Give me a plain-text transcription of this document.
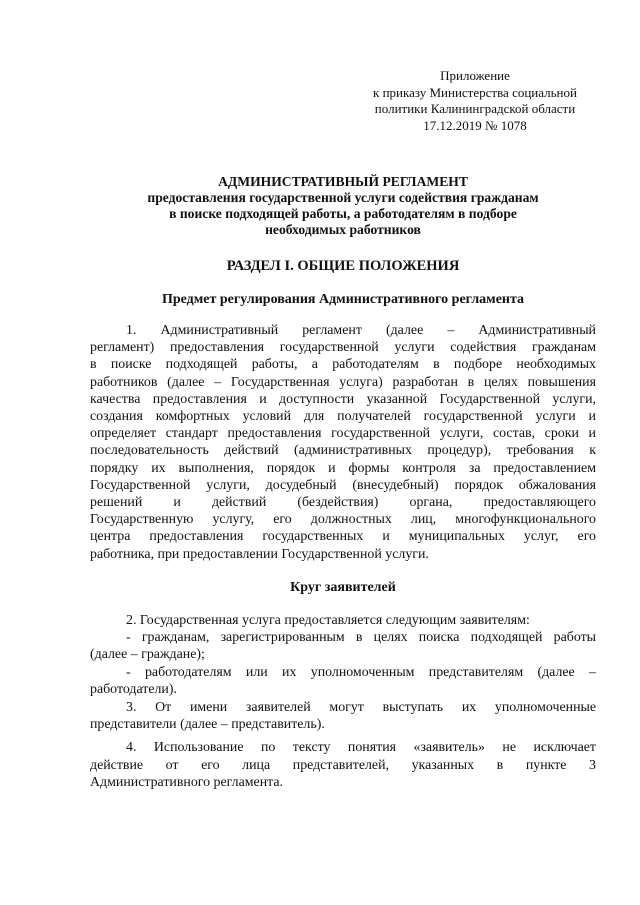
Приложение
к приказу Министерства социальной
политики Калининградской области
17.12.2019 № 1078
АДМИНИСТРАТИВНЫЙ РЕГЛАМЕНТ
предоставления государственной услуги содействия гражданам
в поиске подходящей работы, а работодателям в подборе
необходимых работников
РАЗДЕЛ I. ОБЩИЕ ПОЛОЖЕНИЯ
Предмет регулирования Административного регламента

1. Административный регламент (далее – Административный
регламент) предоставления государственной услуги содействия гражданам
в поиске подходящей работы, а работодателям в подборе необходимых
работников (далее – Государственная услуга) разработан в целях повышения
качества предоставления и доступности указанной Государственной услуги,
создания комфортных условий для получателей государственной услуги и
определяет стандарт предоставления государственной услуги, состав, сроки и
последовательность действий (административных процедур), требования к
порядку их выполнения, порядок и формы контроля за предоставлением
Государственной услуги, досудебный (внесудебный) порядок обжалования
решений и действий (бездействия) органа, предоставляющего
Государственную услугу, его должностных лиц, многофункционального
центра предоставления государственных и муниципальных услуг, его
работника, при предоставлении Государственной услуги.

Круг заявителей

2. Государственная услуга предоставляется следующим заявителям:

- гражданам, зарегистрированным в целях поиска подходящей работы
(далее – граждане);

- работодателям или их уполномоченным представителям (далее –
работодатели).

3. От имени заявителей могут выступать их уполномоченные
представители (далее – представитель).

4. Использование по тексту понятия «заявитель» не исключает
действие от его лица представителей, указанных в пункте 3
Административного регламента.
